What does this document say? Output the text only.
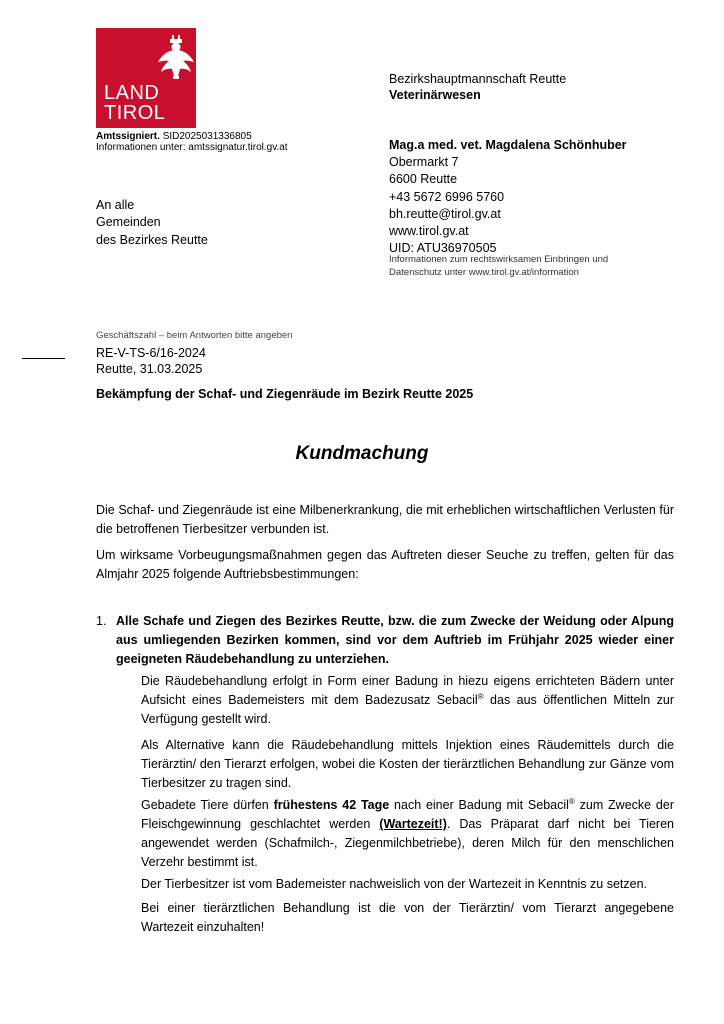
LAND
TIROL
Amtssigniert. SID2025031336805
Informationen unter: amtssignatur.tirol.gv.at
Bezirkshauptmannschaft Reutte
Veterinärwesen
Mag.a med. vet. Magdalena Schönhuber
Obermarkt 7
6600 Reutte
+43 5672 6996 5760
bh.reutte@tirol.gv.at
www.tirol.gv.at
UID: ATU36970505
Informationen zum rechtswirksamen Einbringen und
Datenschutz unter www.tirol.gv.at/information
An alle
Gemeinden
des Bezirkes Reutte
Geschäftszahl – beim Antworten bitte angeben
RE-V-TS-6/16-2024
Reutte, 31.03.2025
Bekämpfung der Schaf- und Ziegenräude im Bezirk Reutte 2025
Kundmachung
Die Schaf- und Ziegenräude ist eine Milbenerkrankung, die mit erheblichen wirtschaftlichen Verlusten für die betroffenen Tierbesitzer verbunden ist.
Um wirksame Vorbeugungsmaßnahmen gegen das Auftreten dieser Seuche zu treffen, gelten für das Almjahr 2025 folgende Auftriebsbestimmungen:
1. Alle Schafe und Ziegen des Bezirkes Reutte, bzw. die zum Zwecke der Weidung oder Alpung aus umliegenden Bezirken kommen, sind vor dem Auftrieb im Frühjahr 2025 wieder einer geeigneten Räudebehandlung zu unterziehen.
Die Räudebehandlung erfolgt in Form einer Badung in hiezu eigens errichteten Bädern unter Aufsicht eines Bademeisters mit dem Badezusatz Sebacil® das aus öffentlichen Mitteln zur Verfügung gestellt wird.
Als Alternative kann die Räudebehandlung mittels Injektion eines Räudemittels durch die Tierärztin/ den Tierarzt erfolgen, wobei die Kosten der tierärztlichen Behandlung zur Gänze vom Tierbesitzer zu tragen sind.
Gebadete Tiere dürfen frühestens 42 Tage nach einer Badung mit Sebacil® zum Zwecke der Fleischgewinnung geschlachtet werden (Wartezeit!). Das Präparat darf nicht bei Tieren angewendet werden (Schafmilch-, Ziegenmilchbetriebe), deren Milch für den menschlichen Verzehr bestimmt ist.
Der Tierbesitzer ist vom Bademeister nachweislich von der Wartezeit in Kenntnis zu setzen.
Bei einer tierärztlichen Behandlung ist die von der Tierärztin/ vom Tierarzt angegebene Wartezeit einzuhalten!
